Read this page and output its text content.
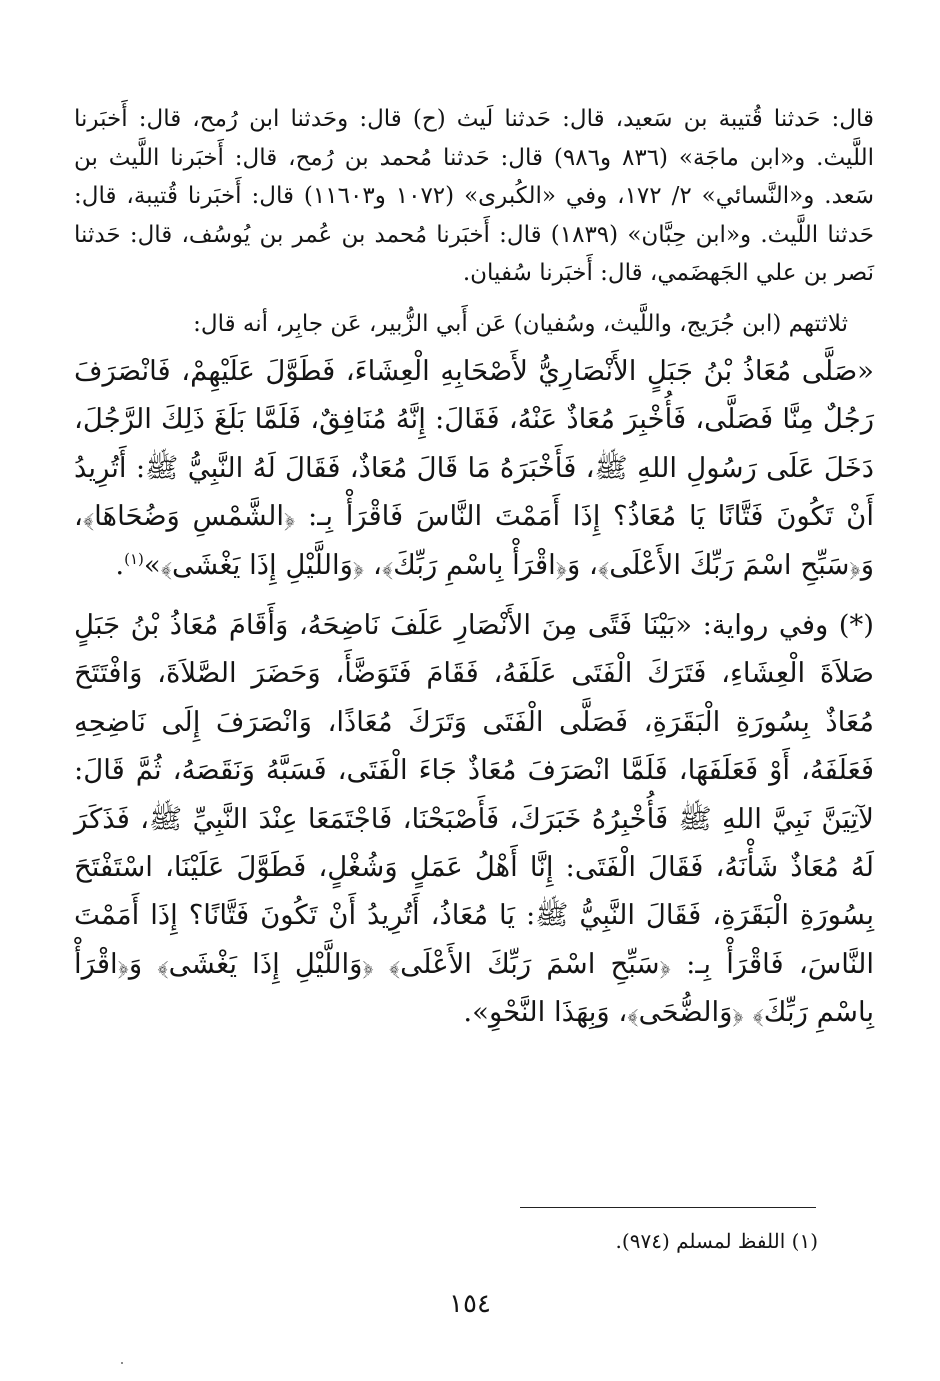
قال: حَدثنا قُتيبة بن سَعيد، قال: حَدثنا لَيث (ح) قال: وحَدثنا ابن رُمح، قال: أَخبَرنا اللَّيث. و«ابن ماجَة» (٨٣٦ و٩٨٦) قال: حَدثنا مُحمد بن رُمح، قال: أَخبَرنا اللَّيث بن سَعد. و«النَّسائي» ٢/ ١٧٢، وفي «الكُبرى» (١٠٧٢ و١١٦٠٣) قال: أَخبَرنا قُتيبة، قال: حَدثنا اللَّيث. و«ابن حِبَّان» (١٨٣٩) قال: أَخبَرنا مُحمد بن عُمر بن يُوسُف، قال: حَدثنا نَصر بن علي الجَهضَمي، قال: أَخبَرنا سُفيان.

ثلاثتهم (ابن جُرَيج، واللَّيث، وسُفيان) عَن أَبي الزُّبير، عَن جابِر، أنه قال:

«صَلَّى مُعَاذُ بْنُ جَبَلٍ الأَنْصَارِيُّ لأَصْحَابِهِ الْعِشَاءَ، فَطَوَّلَ عَلَيْهِمْ، فَانْصَرَفَ رَجُلٌ مِنَّا فَصَلَّى، فَأُخْبِرَ مُعَاذٌ عَنْهُ، فَقَالَ: إِنَّهُ مُنَافِقٌ، فَلَمَّا بَلَغَ ذَلِكَ الرَّجُلَ، دَخَلَ عَلَى رَسُولِ اللهِ ﷺ، فَأَخْبَرَهُ مَا قَالَ مُعَاذٌ، فَقَالَ لَهُ النَّبِيُّ ﷺ: أَتُرِيدُ أَنْ تَكُونَ فَتَّانًا يَا مُعَاذُ؟ إِذَا أَمَمْتَ النَّاسَ فَاقْرَأْ بِـ: ﴿الشَّمْسِ وَضُحَاهَا﴾، وَ﴿سَبِّحِ اسْمَ رَبِّكَ الأَعْلَى﴾، وَ﴿اقْرَأْ بِاسْمِ رَبِّكَ﴾، ﴿وَاللَّيْلِ إِذَا يَغْشَى﴾»$^{(١)}$.

(*) وفي رواية: «بَيْنَا فَتًى مِنَ الأَنْصَارِ عَلَفَ نَاضِحَهُ، وَأَقَامَ مُعَاذُ بْنُ جَبَلٍ صَلاَةَ الْعِشَاءِ، فَتَرَكَ الْفَتَى عَلَفَهُ، فَقَامَ فَتَوَضَّأَ، وَحَضَرَ الصَّلاَةَ، وَافْتَتَحَ مُعَاذٌ بِسُورَةِ الْبَقَرَةِ، فَصَلَّى الْفَتَى وَتَرَكَ مُعَاذًا، وَانْصَرَفَ إِلَى نَاضِحِهِ فَعَلَفَهُ، أَوْ فَعَلَفَهَا، فَلَمَّا انْصَرَفَ مُعَاذٌ جَاءَ الْفَتَى، فَسَبَّهُ وَنَقَصَهُ، ثُمَّ قَالَ: لآتِيَنَّ نَبِيَّ اللهِ ﷺ فَأُخْبِرُهُ خَبَرَكَ، فَأَصْبَحْنَا، فَاجْتَمَعَا عِنْدَ النَّبِيِّ ﷺ، فَذَكَرَ لَهُ مُعَاذٌ شَأْنَهُ، فَقَالَ الْفَتَى: إِنَّا أَهْلُ عَمَلٍ وَشُغْلٍ، فَطَوَّلَ عَلَيْنَا، اسْتَفْتَحَ بِسُورَةِ الْبَقَرَةِ، فَقَالَ النَّبِيُّ ﷺ: يَا مُعَاذُ، أَتُرِيدُ أَنْ تَكُونَ فَتَّانًا؟ إِذَا أَمَمْتَ النَّاسَ، فَاقْرَأْ بِـ: ﴿سَبِّحِ اسْمَ رَبِّكَ الأَعْلَى﴾ ﴿وَاللَّيْلِ إِذَا يَغْشَى﴾ وَ﴿اقْرَأْ بِاسْمِ رَبِّكَ﴾ ﴿وَالضُّحَى﴾، وَبِهَذَا النَّحْوِ».

(١) اللفظ لمسلم (٩٧٤).
١٥٤
